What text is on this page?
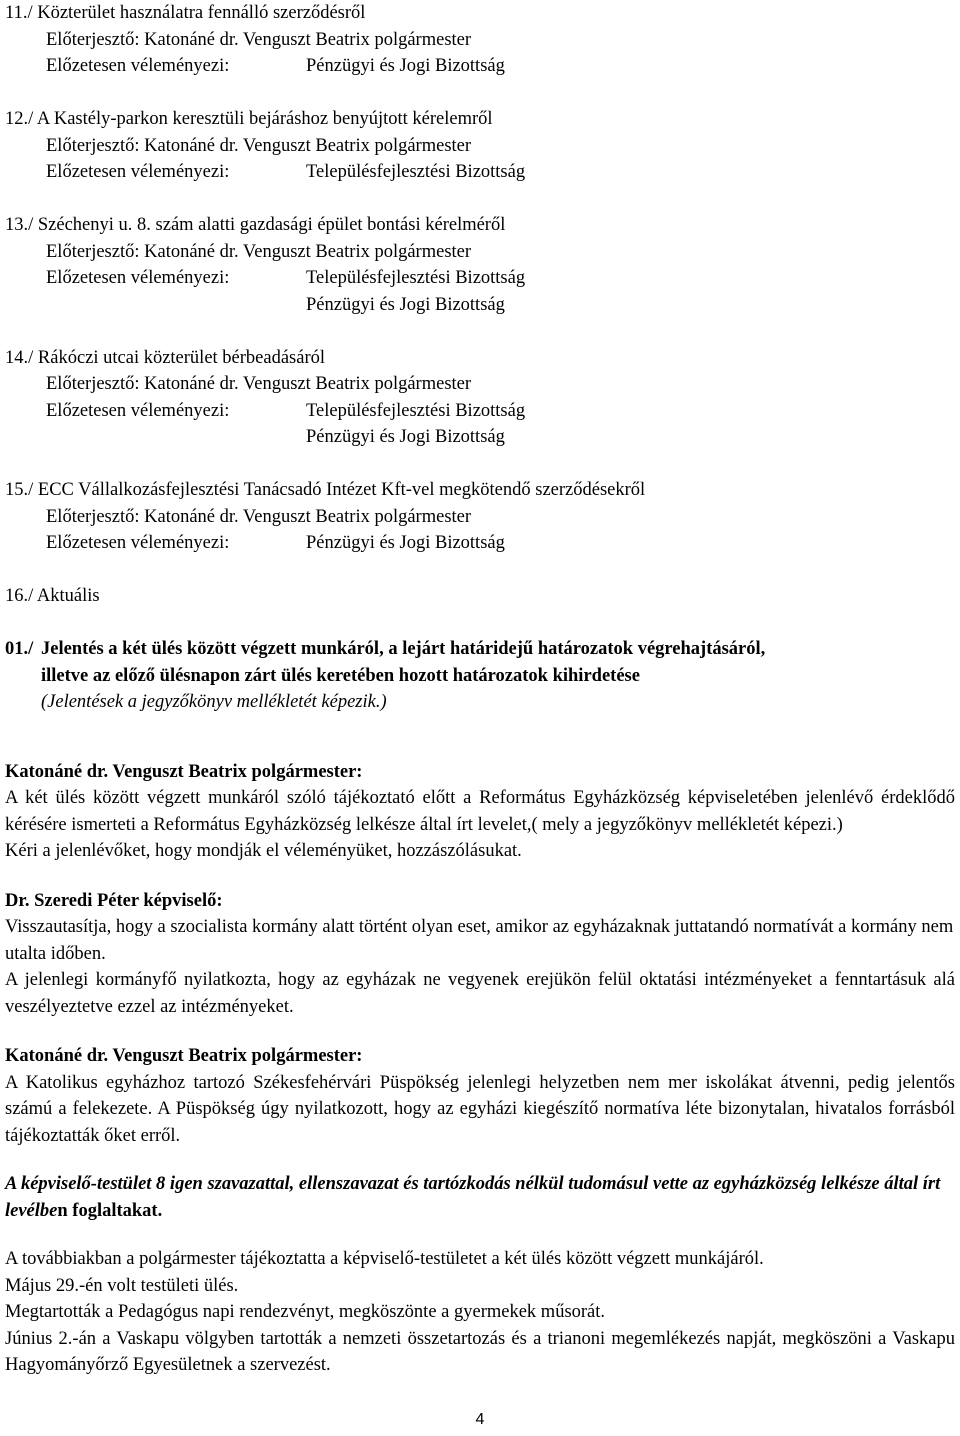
11./ Közterület használatra fennálló szerződésről
Előterjesztő: Katonáné dr. Venguszt Beatrix polgármester
Előzetesen véleményezi:	Pénzügyi és Jogi Bizottság
12./ A Kastély-parkon keresztüli bejáráshoz benyújtott kérelemről
Előterjesztő: Katonáné dr. Venguszt Beatrix polgármester
Előzetesen véleményezi:	Településfejlesztési Bizottság
13./ Széchenyi u. 8. szám alatti gazdasági épület bontási kérelméről
Előterjesztő: Katonáné dr. Venguszt Beatrix polgármester
Előzetesen véleményezi:	Településfejlesztési Bizottság
Pénzügyi és Jogi Bizottság
14./ Rákóczi utcai közterület bérbeadásáról
Előterjesztő: Katonáné dr. Venguszt Beatrix polgármester
Előzetesen véleményezi:	Településfejlesztési Bizottság
Pénzügyi és Jogi Bizottság
15./ ECC Vállalkozásfejlesztési Tanácsadó Intézet Kft-vel megkötendő szerződésekről
Előterjesztő: Katonáné dr. Venguszt Beatrix polgármester
Előzetesen véleményezi:	Pénzügyi és Jogi Bizottság
16./ Aktuális
01./ Jelentés a két ülés között végzett munkáról, a lejárt határidejű határozatok végrehajtásáról,
illetve az előző ülésnapon zárt ülés keretében hozott határozatok kihirdetése
(Jelentések a jegyzőkönyv mellékletét képezik.)
Katonáné dr. Venguszt Beatrix polgármester:
A két ülés között végzett munkáról szóló tájékoztató előtt a Református Egyházközség képviseletében jelenlévő érdeklődő kérésére ismerteti a Református Egyházközség lelkésze által írt levelet,( mely a jegyzőkönyv mellékletét képezi.)
Kéri a jelenlévőket, hogy mondják el véleményüket, hozzászólásukat.
Dr. Szeredi Péter képviselő:
Visszautasítja, hogy a szocialista kormány alatt történt olyan eset, amikor az egyházaknak juttatandó normatívát a kormány nem utalta időben.
A jelenlegi kormányfő nyilatkozta, hogy az egyházak ne vegyenek erejükön felül oktatási intézményeket a fenntartásuk alá veszélyeztetve ezzel az intézményeket.
Katonáné dr. Venguszt Beatrix polgármester:
A Katolikus egyházhoz tartozó Székesfehérvári Püspökség jelenlegi helyzetben nem mer iskolákat átvenni, pedig jelentős számú a felekezete. A Püspökség úgy nyilatkozott, hogy az egyházi kiegészítő normatíva léte bizonytalan, hivatalos forrásból tájékoztatták őket erről.
A képviselő-testület 8 igen szavazattal, ellenszavazat és tartózkodás nélkül tudomásul vette az egyházközség lelkésze által írt levélben foglaltakat.
A továbbiakban a polgármester tájékoztatta a képviselő-testületet a két ülés között végzett munkájáról.
Május 29.-én volt testületi ülés.
Megtartották a Pedagógus napi rendezvényt, megköszönte a gyermekek műsorát.
Június 2.-án a Vaskapu völgyben tartották a nemzeti összetartozás és a trianoni megemlékezés napját, megköszöni a Vaskapu Hagyományőrző Egyesületnek a szervezést.
4
